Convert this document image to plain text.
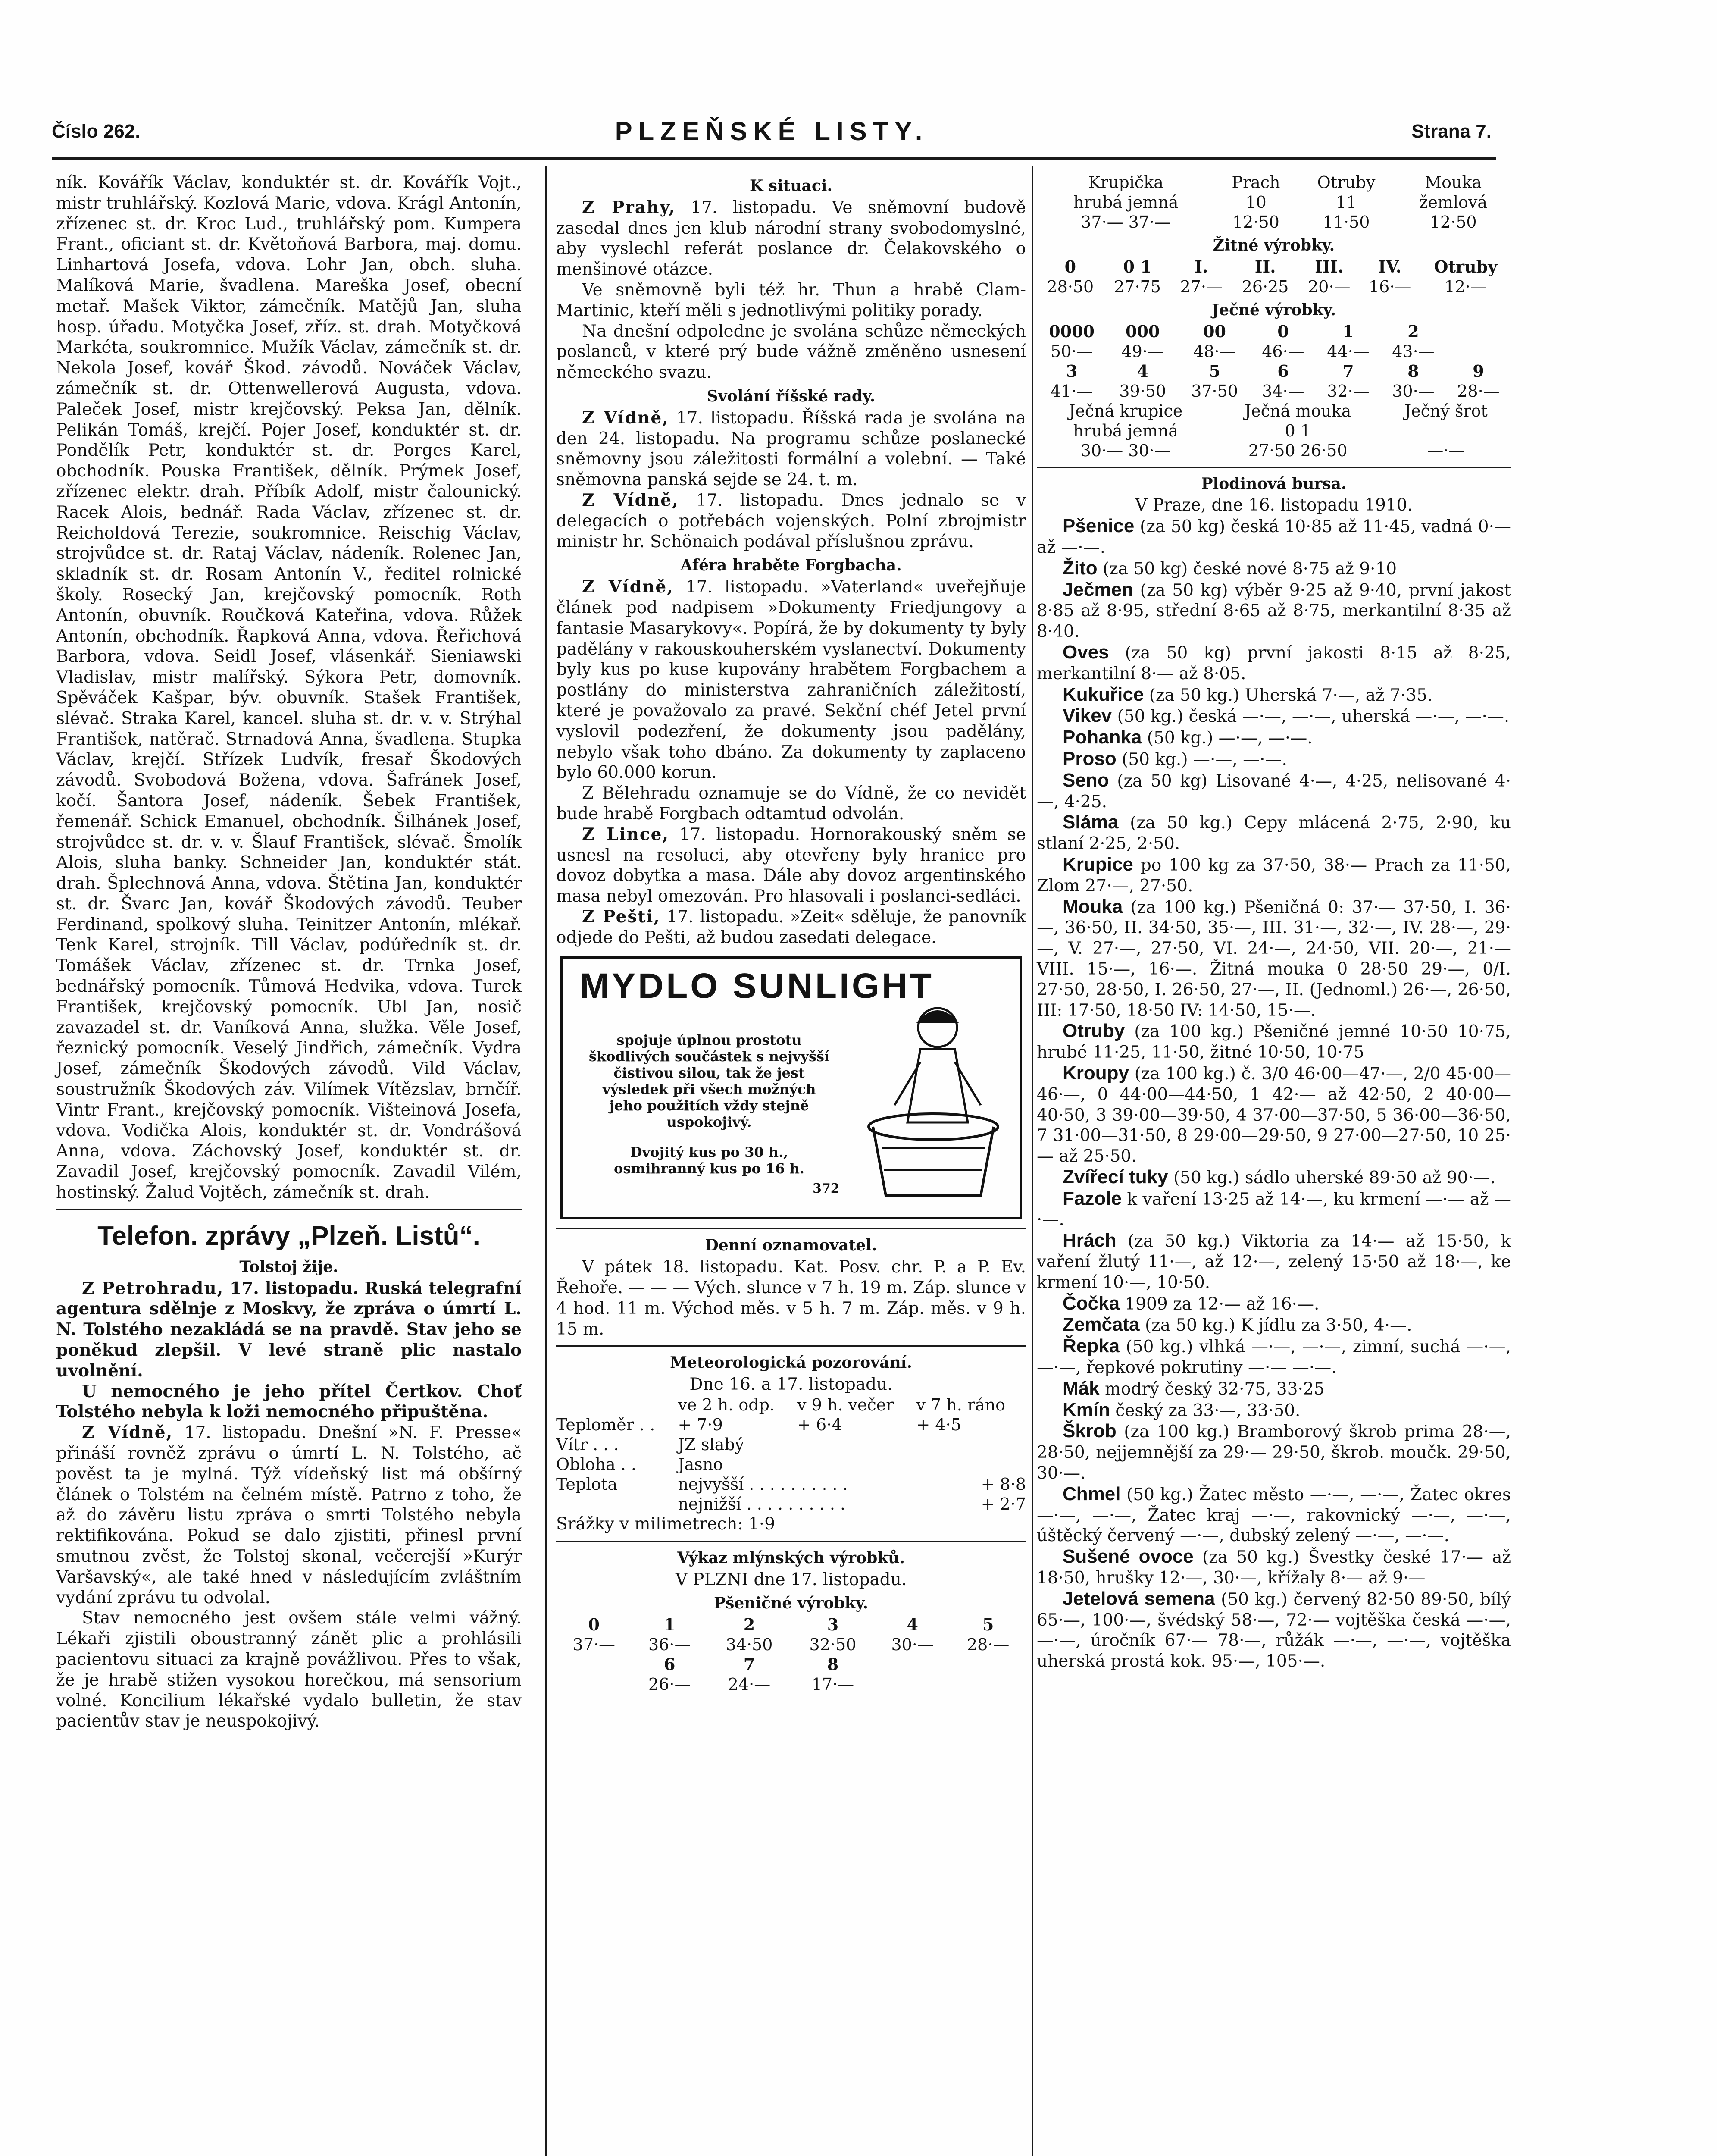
Číslo 262.	PLZEŇSKÉ LISTY.	Strana 7.

ník. Kovářík Václav, konduktér st. dr. Kovářík Vojt., mistr truhlářský. Kozlová Marie, vdova. Krágl Antonín, zřízenec st. dr. Kroc Lud., truhlářský pom. Kumpera Frant., oficiant st. dr. Květoňová Barbora, maj. domu. Linhartová Josefa, vdova. Lohr Jan, obch. sluha. Malíková Marie, švadlena. Mareška Josef, obecní metař. Mašek Viktor, zámečník. Matějů Jan, sluha hosp. úřadu. Motyčka Josef, zříz. st. drah. Motyčková Markéta, soukromnice. Mužík Václav, zámečník st. dr. Nekola Josef, kovář Škod. závodů. Nováček Václav, zámečník st. dr. Ottenwellerová Augusta, vdova. Paleček Josef, mistr krejčovský. Peksa Jan, dělník. Pelikán Tomáš, krejčí. Pojer Josef, konduktér st. dr. Pondělík Petr, konduktér st. dr. Porges Karel, obchodník. Pouska František, dělník. Prýmek Josef, zřízenec elektr. drah. Příbík Adolf, mistr čalounický. Racek Alois, bednář. Rada Václav, zřízenec st. dr. Reicholdová Terezie, soukromnice. Reischig Václav, strojvůdce st. dr. Rataj Václav, nádeník. Rolenec Jan, skladník st. dr. Rosam Antonín V., ředitel rolnické školy. Rosecký Jan, krejčovský pomocník. Roth Antonín, obuvník. Roučková Kateřina, vdova. Růžek Antonín, obchodník. Řapková Anna, vdova. Řeřichová Barbora, vdova. Seidl Josef, vlásenkář. Sieniawski Vladislav, mistr malířský. Sýkora Petr, domovník. Spěváček Kašpar, býv. obuvník. Stašek František, slévač. Straka Karel, kancel. sluha st. dr. v. v. Strýhal František, natěrač. Strnadová Anna, švadlena. Stupka Václav, krejčí. Střízek Ludvík, fresař Škodových závodů. Svobodová Božena, vdova. Šafránek Josef, kočí. Šantora Josef, nádeník. Šebek František, řemenář. Schick Emanuel, obchodník. Šilhánek Josef, strojvůdce st. dr. v. v. Šlauf František, slévač. Šmolík Alois, sluha banky. Schneider Jan, konduktér stát. drah. Šplechnová Anna, vdova. Štětina Jan, konduktér st. dr. Švarc Jan, kovář Škodových závodů. Teuber Ferdinand, spolkový sluha. Teinitzer Antonín, mlékař. Tenk Karel, strojník. Till Václav, podúředník st. dr. Tomášek Václav, zřízenec st. dr. Trnka Josef, bednářský pomocník. Tůmová Hedvika, vdova. Turek František, krejčovský pomocník. Ubl Jan, nosič zavazadel st. dr. Vaníková Anna, služka. Věle Josef, řeznický pomocník. Veselý Jindřich, zámečník. Vydra Josef, zámečník Škodových závodů. Vild Václav, soustružník Škodových záv. Vilímek Vítězslav, brnčíř. Vintr Frant., krejčovský pomocník. Višteinová Josefa, vdova. Vodička Alois, konduktér st. dr. Vondrášová Anna, vdova. Záchovský Josef, konduktér st. dr. Zavadil Josef, krejčovský pomocník. Zavadil Vilém, hostinský. Žalud Vojtěch, zámečník st. drah.

Telefon. zprávy „Plzeň. Listů“.
Tolstoj žije.

Z Petrohradu, 17. listopadu. Ruská telegrafní agentura sdělnje z Moskvy, že zpráva o úmrtí L. N. Tolstého nezakládá se na pravdě. Stav jeho se poněkud zlepšil. V levé straně plic nastalo uvolnění.

U nemocného je jeho přítel Čertkov. Choť Tolstého nebyla k loži nemocného připuštěna.

Z Vídně, 17. listopadu. Dnešní »N. F. Presse« přináší rovněž zprávu o úmrtí L. N. Tolstého, ač pověst ta je mylná. Týž vídeňský list má obšírný článek o Tolstém na čelném místě. Patrno z toho, že až do závěru listu zpráva o smrti Tolstého nebyla rektifikována. Pokud se dalo zjistiti, přinesl první smutnou zvěst, že Tolstoj skonal, večerejší »Kurýr Varšavský«, ale také hned v následujícím zvláštním vydání zprávu tu odvolal.

Stav nemocného jest ovšem stále velmi vážný. Lékaři zjistili oboustranný zánět plic a prohlásili pacientovu situaci za krajně povážlivou. Přes to však, že je hrabě stižen vysokou horečkou, má sensorium volné. Koncilium lékařské vydalo bulletin, že stav pacientův stav je neuspokojivý.

K situaci.

Z Prahy, 17. listopadu. Ve sněmovní budově zasedal dnes jen klub národní strany svobodomyslné, aby vyslechl referát poslance dr. Čelakovského o menšinové otázce.

Ve sněmovně byli též hr. Thun a hrabě Clam-Martinic, kteří měli s jednotlivými politiky porady.

Na dnešní odpoledne je svolána schůze německých poslanců, v které prý bude vážně změněno usnesení německého svazu.

Svolání říšské rady.

Z Vídně, 17. listopadu. Říšská rada je svolána na den 24. listopadu. Na programu schůze poslanecké sněmovny jsou záležitosti formální a volební. — Také sněmovna panská sejde se 24. t. m.

Z Vídně, 17. listopadu. Dnes jednalo se v delegacích o potřebách vojenských. Polní zbrojmistr ministr hr. Schönaich podával příslušnou zprávu.

Aféra hraběte Forgbacha.

Z Vídně, 17. listopadu. »Vaterland« uveřejňuje článek pod nadpisem »Dokumenty Friedjungovy a fantasie Masarykovy«. Popírá, že by dokumenty ty byly padělány v rakouskouherském vyslanectví. Dokumenty byly kus po kuse kupovány hrabětem Forgbachem a postlány do ministerstva zahraničních záležitostí, které je považovalo za pravé. Sekční chéf Jetel první vyslovil podezření, že dokumenty jsou padělány, nebylo však toho dbáno. Za dokumenty ty zaplaceno bylo 60.000 korun.

Z Bělehradu oznamuje se do Vídně, že co nevidět bude hrabě Forgbach odtamtud odvolán.

Z Lince, 17. listopadu. Hornorakouský sněm se usnesl na resoluci, aby otevřeny byly hranice pro dovoz dobytka a masa. Dále aby dovoz argentinského masa nebyl omezován. Pro hlasovali i poslanci-sedláci.

Z Pešti, 17. listopadu. »Zeit« sděluje, že panovník odjede do Pešti, až budou zasedati delegace.

MYDLO SUNLIGHT
spojuje úplnou prostotu škodlivých součástek s nejvyšší čistivou silou, tak že jest výsledek při všech možných jeho použitích vždy stejně uspokojivý.
Dvojitý kus po 30 h.,
osmihranný kus po 16 h.
372
Denní oznamovatel.

V pátek 18. listopadu. Kat. Posv. chr. P. a P. Ev. Řehoře. — — — Vých. slunce v 7 h. 19 m. Záp. slunce v 4 hod. 11 m. Východ měs. v 5 h. 7 m. Záp. měs. v 9 h. 15 m.

Meteorologická pozorování.
Dne 16. a 17. listopadu.
	ve 2 h. odp.	v 9 h. večer	v 7 h. ráno
Teploměr . .	+ 7·9	+ 6·4	+ 4·5
Vítr . . .	JZ slabý		
Obloha . .	Jasno		
Teplota	nejvyšší . . . . . . . . . .		+ 8·8
	nejnižší . . . . . . . . . .		+ 2·7
Srážky v milimetrech: 1·9
Výkaz mlýnských výrobků.
V PLZNI dne 17. listopadu.
Pšeničné výrobky.
0	1	2	3	4	5
37·—	36·—	34·50	32·50	30·—	28·—
	6	7	8		
	26·—	24·—	17·—		
Krupička	Prach	Otruby	Mouka
hrubá jemná	10	11	žemlová
37·— 37·—	12·50	11·50	12·50
Žitné výrobky.
0	0 1	I.	II.	III.	IV.	Otruby
28·50	27·75	27·—	26·25	20·—	16·—	12·—
Ječné výrobky.
0000	000	00	0	1	2	
50·—	49·—	48·—	46·—	44·—	43·—	
3	4	5	6	7	8	9
41·—	39·50	37·50	34·—	32·—	30·—	28·—
Ječná krupice	Ječná mouka	Ječný šrot
hrubá jemná	0 1	
30·— 30·—	27·50 26·50	—·—
Plodinová bursa.
V Praze, dne 16. listopadu 1910.

Pšenice (za 50 kg) česká 10·85 až 11·45, vadná 0·— až —·—.

Žito (za 50 kg) české nové 8·75 až 9·10

Ječmen (za 50 kg) výběr 9·25 až 9·40, první jakost 8·85 až 8·95, střední 8·65 až 8·75, merkantilní 8·35 až 8·40.

Oves (za 50 kg) první jakosti 8·15 až 8·25, merkantilní 8·— až 8·05.

Kukuřice (za 50 kg.) Uherská 7·—, až 7·35.

Vikev (50 kg.) česká —·—, —·—, uherská —·—, —·—.

Pohanka (50 kg.) —·—, —·—.

Proso (50 kg.) —·—, —·—.

Seno (za 50 kg) Lisované 4·—, 4·25, nelisované 4·—, 4·25.

Sláma (za 50 kg.) Cepy mlácená 2·75, 2·90, ku stlaní 2·25, 2·50.

Krupice po 100 kg za 37·50, 38·— Prach za 11·50, Zlom 27·—, 27·50.

Mouka (za 100 kg.) Pšeničná 0: 37·— 37·50, I. 36·—, 36·50, II. 34·50, 35·—, III. 31·—, 32·—, IV. 28·—, 29·—, V. 27·—, 27·50, VI. 24·—, 24·50, VII. 20·—, 21·— VIII. 15·—, 16·—. Žitná mouka 0 28·50 29·—, 0/I. 27·50, 28·50, I. 26·50, 27·—, II. (Jednoml.) 26·—, 26·50, III: 17·50, 18·50 IV: 14·50, 15·—.

Otruby (za 100 kg.) Pšeničné jemné 10·50 10·75, hrubé 11·25, 11·50, žitné 10·50, 10·75

Kroupy (za 100 kg.) č. 3/0 46·00—47·—, 2/0 45·00—46·—, 0 44·00—44·50, 1 42·— až 42·50, 2 40·00—40·50, 3 39·00—39·50, 4 37·00—37·50, 5 36·00—36·50, 7 31·00—31·50, 8 29·00—29·50, 9 27·00—27·50, 10 25·— až 25·50.

Zvířecí tuky (50 kg.) sádlo uherské 89·50 až 90·—.

Fazole k vaření 13·25 až 14·—, ku krmení —·— až —·—.

Hrách (za 50 kg.) Viktoria za 14·— až 15·50, k vaření žlutý 11·—, až 12·—, zelený 15·50 až 18·—, ke krmení 10·—, 10·50.

Čočka 1909 za 12·— až 16·—.

Zemčata (za 50 kg.) K jídlu za 3·50, 4·—.

Řepka (50 kg.) vlhká —·—, —·—, zimní, suchá —·—, —·—, řepkové pokrutiny —·— —·—.

Mák modrý český 32·75, 33·25

Kmín český za 33·—, 33·50.

Škrob (za 100 kg.) Bramborový škrob prima 28·—, 28·50, nejjemnější za 29·— 29·50, škrob. moučk. 29·50, 30·—.

Chmel (50 kg.) Žatec město —·—, —·—, Žatec okres —·—, —·—, Žatec kraj —·—, rakovnický —·—, —·—, úštěcký červený —·—, dubský zelený —·—, —·—.

Sušené ovoce (za 50 kg.) Švestky české 17·— až 18·50, hrušky 12·—, 30·—, křížaly 8·— až 9·—

Jetelová semena (50 kg.) červený 82·50 89·50, bílý 65·—, 100·—, švédský 58·—, 72·— vojtěška česká —·—, —·—, úročník 67·— 78·—, růžák —·—, —·—, vojtěška uherská prostá kok. 95·—, 105·—.
